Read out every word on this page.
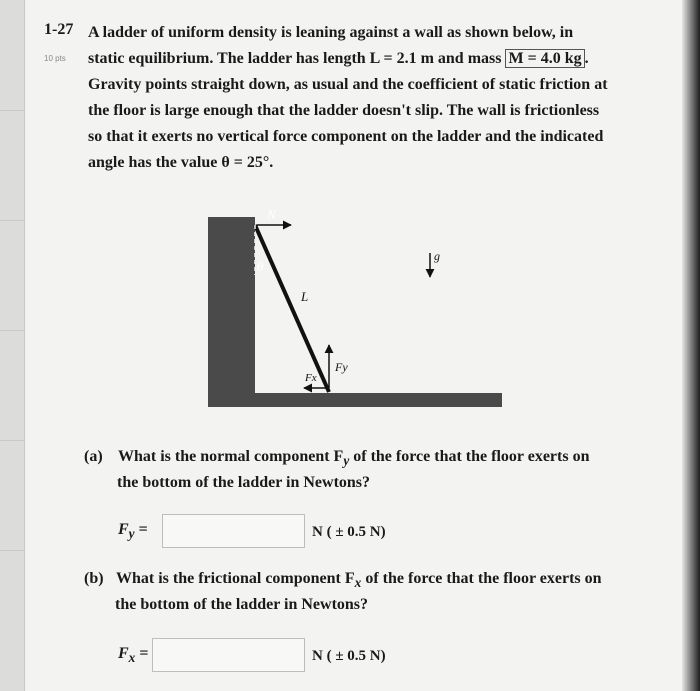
1-27
10 pts
A ladder of uniform density is leaning against a wall as shown below, in
static equilibrium. The ladder has length L = 2.1 m and mass M = 4.0 kg .
Gravity points straight down, as usual and the coefficient of static friction at
the floor is large enough that the ladder doesn't slip. The wall is frictionless
so that it exerts no vertical force component on the ladder and the indicated
angle has the value θ = 25°.
N
θ
L
g
Fy
Fx
(a) What is the normal component $F_y$ of the force that the floor exerts on
the bottom of the ladder in Newtons?
$F_y$ =	N ( ± 0.5 N)
(b) What is the frictional component $F_x$ of the force that the floor exerts on
the bottom of the ladder in Newtons?
$F_x$ =	N ( ± 0.5 N)
